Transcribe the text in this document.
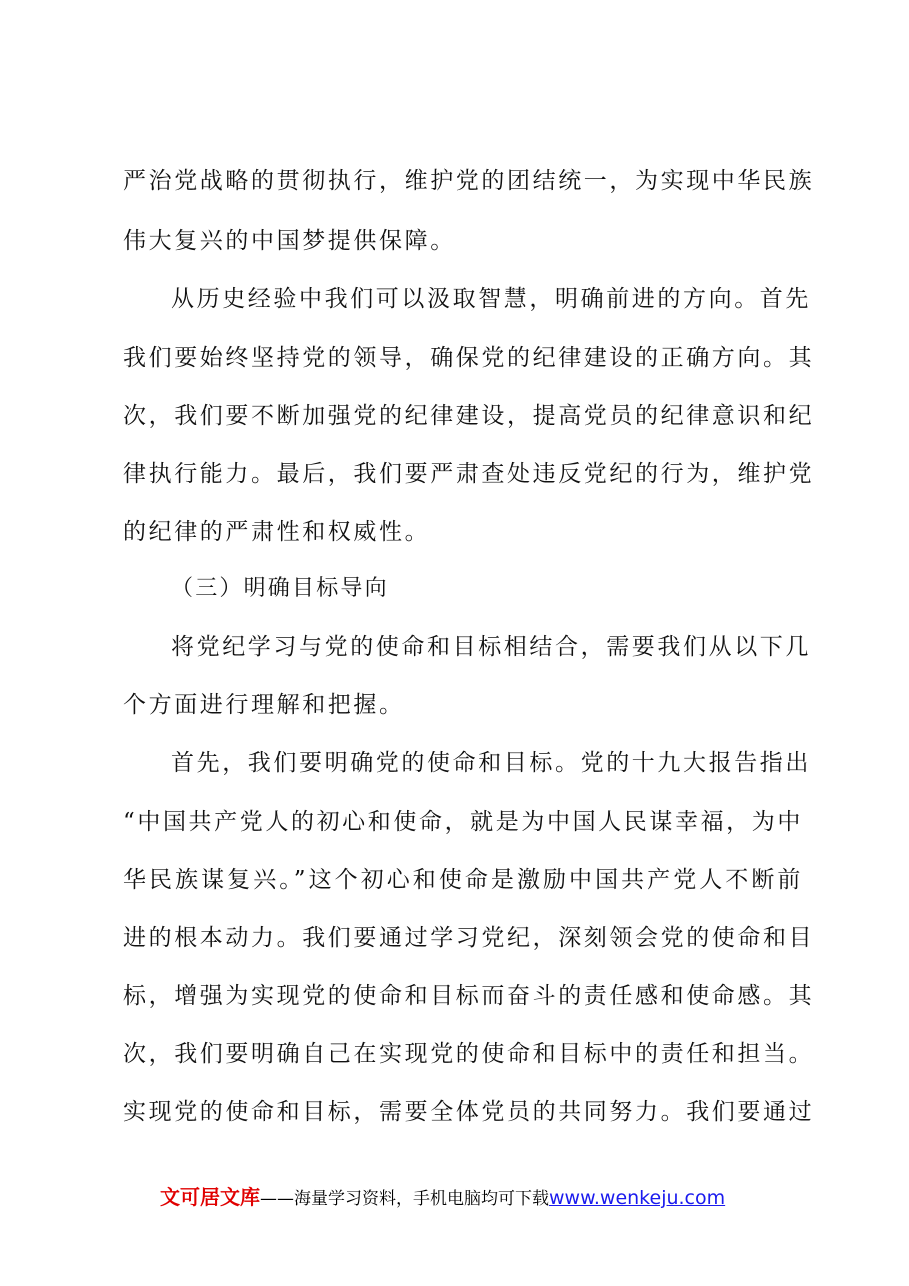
严治党战略的贯彻执行，维护党的团结统一，为实现中华民族
伟大复兴的中国梦提供保障。
从历史经验中我们可以汲取智慧，明确前进的方向。首先
我们要始终坚持党的领导，确保党的纪律建设的正确方向。其
次，我们要不断加强党的纪律建设，提高党员的纪律意识和纪
律执行能力。最后，我们要严肃查处违反党纪的行为，维护党
的纪律的严肃性和权威性。
（三）明确目标导向
将党纪学习与党的使命和目标相结合，需要我们从以下几
个方面进行理解和把握。
首先，我们要明确党的使命和目标。党的十九大报告指出
“中国共产党人的初心和使命，就是为中国人民谋幸福，为中
华民族谋复兴。”这个初心和使命是激励中国共产党人不断前
进的根本动力。我们要通过学习党纪，深刻领会党的使命和目
标，增强为实现党的使命和目标而奋斗的责任感和使命感。其
次，我们要明确自己在实现党的使命和目标中的责任和担当。
实现党的使命和目标，需要全体党员的共同努力。我们要通过
文可居文库——海量学习资料，手机电脑均可下载www.wenkeju.com
